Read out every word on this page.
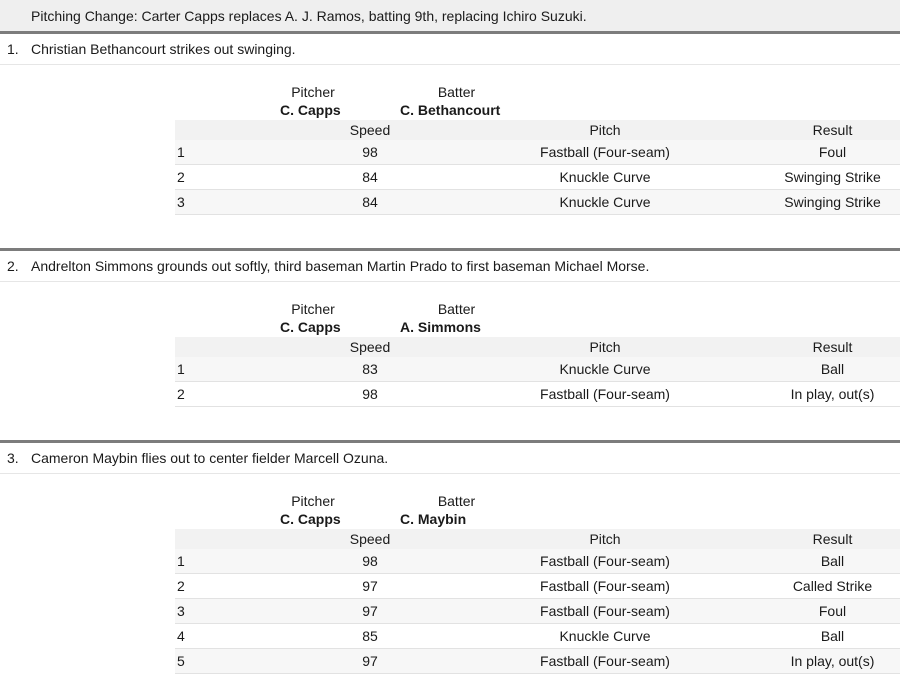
Pitching Change: Carter Capps replaces A. J. Ramos, batting 9th, replacing Ichiro Suzuki.
1. Christian Bethancourt strikes out swinging.
Pitcher
C. Capps
Batter
C. Bethancourt
	Speed	Pitch	Result
1	98	Fastball (Four-seam)	Foul
2	84	Knuckle Curve	Swinging Strike
3	84	Knuckle Curve	Swinging Strike
2. Andrelton Simmons grounds out softly, third baseman Martin Prado to first baseman Michael Morse.
Pitcher
C. Capps
Batter
A. Simmons
	Speed	Pitch	Result
1	83	Knuckle Curve	Ball
2	98	Fastball (Four-seam)	In play, out(s)
3. Cameron Maybin flies out to center fielder Marcell Ozuna.
Pitcher
C. Capps
Batter
C. Maybin
	Speed	Pitch	Result
1	98	Fastball (Four-seam)	Ball
2	97	Fastball (Four-seam)	Called Strike
3	97	Fastball (Four-seam)	Foul
4	85	Knuckle Curve	Ball
5	97	Fastball (Four-seam)	In play, out(s)
